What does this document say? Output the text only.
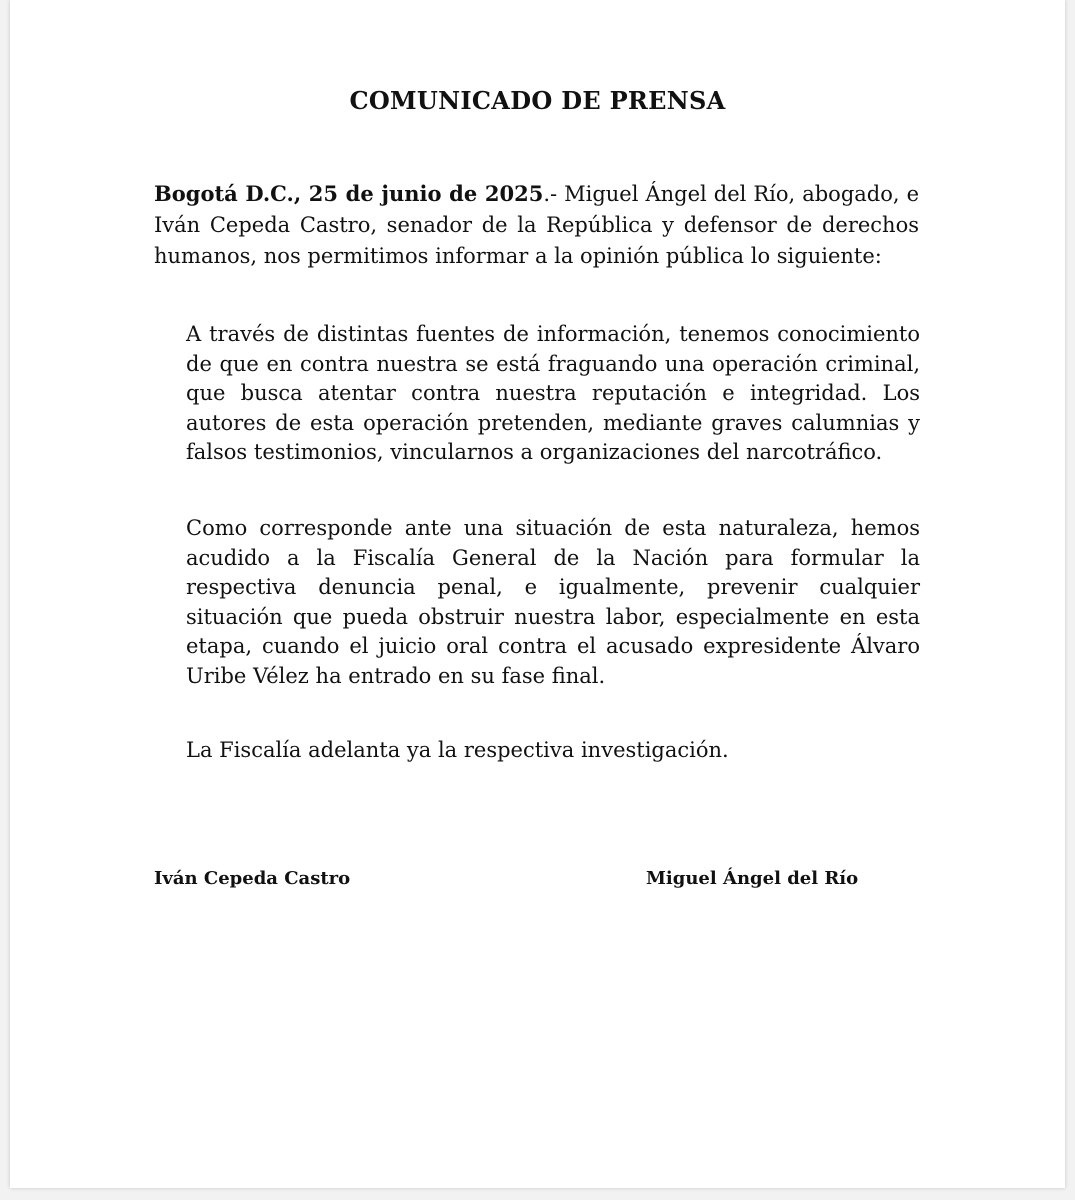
COMUNICADO DE PRENSA
Bogotá D.C., 25 de junio de 2025.- Miguel Ángel del Río, abogado, e Iván Cepeda Castro, senador de la República y defensor de derechos humanos, nos permitimos informar a la opinión pública lo siguiente:
A través de distintas fuentes de información, tenemos conocimiento de que en contra nuestra se está fraguando una operación criminal, que busca atentar contra nuestra reputación e integridad. Los autores de esta operación pretenden, mediante graves calumnias y falsos testimonios, vincularnos a organizaciones del narcotráfico.
Como corresponde ante una situación de esta naturaleza, hemos acudido a la Fiscalía General de la Nación para formular la respectiva denuncia penal, e igualmente, prevenir cualquier situación que pueda obstruir nuestra labor, especialmente en esta etapa, cuando el juicio oral contra el acusado expresidente Álvaro Uribe Vélez ha entrado en su fase final.
La Fiscalía adelanta ya la respectiva investigación.
Iván Cepeda Castro	Miguel Ángel del Río
